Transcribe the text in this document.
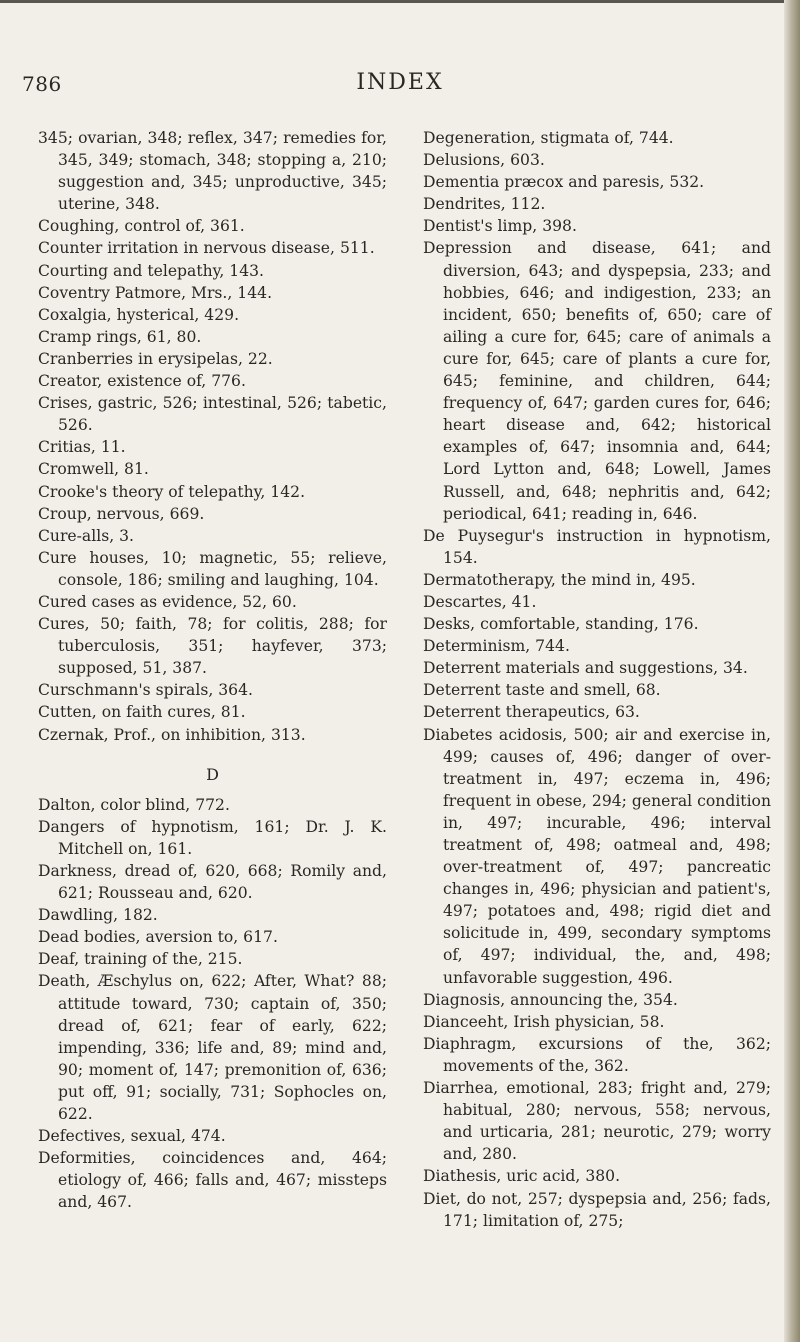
786	INDEX

345; ovarian, 348; reflex, 347; remedies for, 345, 349; stomach, 348; stopping a, 210; suggestion and, 345; unproductive, 345; uterine, 348.

Coughing, control of, 361.

Counter irritation in nervous disease, 511.

Courting and telepathy, 143.

Coventry Patmore, Mrs., 144.

Coxalgia, hysterical, 429.

Cramp rings, 61, 80.

Cranberries in erysipelas, 22.

Creator, existence of, 776.

Crises, gastric, 526; intestinal, 526; tabetic, 526.

Critias, 11.

Cromwell, 81.

Crooke's theory of telepathy, 142.

Croup, nervous, 669.

Cure-alls, 3.

Cure houses, 10; magnetic, 55; relieve, console, 186; smiling and laughing, 104.

Cured cases as evidence, 52, 60.

Cures, 50; faith, 78; for colitis, 288; for tuberculosis, 351; hayfever, 373; supposed, 51, 387.

Curschmann's spirals, 364.

Cutten, on faith cures, 81.

Czernak, Prof., on inhibition, 313.

D

Dalton, color blind, 772.

Dangers of hypnotism, 161; Dr. J. K. Mitchell on, 161.

Darkness, dread of, 620, 668; Romily and, 621; Rousseau and, 620.

Dawdling, 182.

Dead bodies, aversion to, 617.

Deaf, training of the, 215.

Death, Æschylus on, 622; After, What? 88; attitude toward, 730; captain of, 350; dread of, 621; fear of early, 622; impending, 336; life and, 89; mind and, 90; moment of, 147; premonition of, 636; put off, 91; socially, 731; Sophocles on, 622.

Defectives, sexual, 474.

Deformities, coincidences and, 464; etiology of, 466; falls and, 467; missteps and, 467.

Degeneration, stigmata of, 744.

Delusions, 603.

Dementia præcox and paresis, 532.

Dendrites, 112.

Dentist's limp, 398.

Depression and disease, 641; and diversion, 643; and dyspepsia, 233; and hobbies, 646; and indigestion, 233; an incident, 650; benefits of, 650; care of ailing a cure for, 645; care of animals a cure for, 645; care of plants a cure for, 645; feminine, and children, 644; frequency of, 647; garden cures for, 646; heart disease and, 642; historical examples of, 647; insomnia and, 644; Lord Lytton and, 648; Lowell, James Russell, and, 648; nephritis and, 642; periodical, 641; reading in, 646.

De Puysegur's instruction in hypnotism, 154.

Dermatotherapy, the mind in, 495.

Descartes, 41.

Desks, comfortable, standing, 176.

Determinism, 744.

Deterrent materials and suggestions, 34.

Deterrent taste and smell, 68.

Deterrent therapeutics, 63.

Diabetes acidosis, 500; air and exercise in, 499; causes of, 496; danger of over-treatment in, 497; eczema in, 496; frequent in obese, 294; general condition in, 497; incurable, 496; interval treatment of, 498; oatmeal and, 498; over-treatment of, 497; pancreatic changes in, 496; physician and patient's, 497; potatoes and, 498; rigid diet and solicitude in, 499, secondary symptoms of, 497; individual, the, and, 498; unfavorable suggestion, 496.

Diagnosis, announcing the, 354.

Dianceeht, Irish physician, 58.

Diaphragm, excursions of the, 362; movements of the, 362.

Diarrhea, emotional, 283; fright and, 279; habitual, 280; nervous, 558; nervous, and urticaria, 281; neurotic, 279; worry and, 280.

Diathesis, uric acid, 380.

Diet, do not, 257; dyspepsia and, 256; fads, 171; limitation of, 275;
